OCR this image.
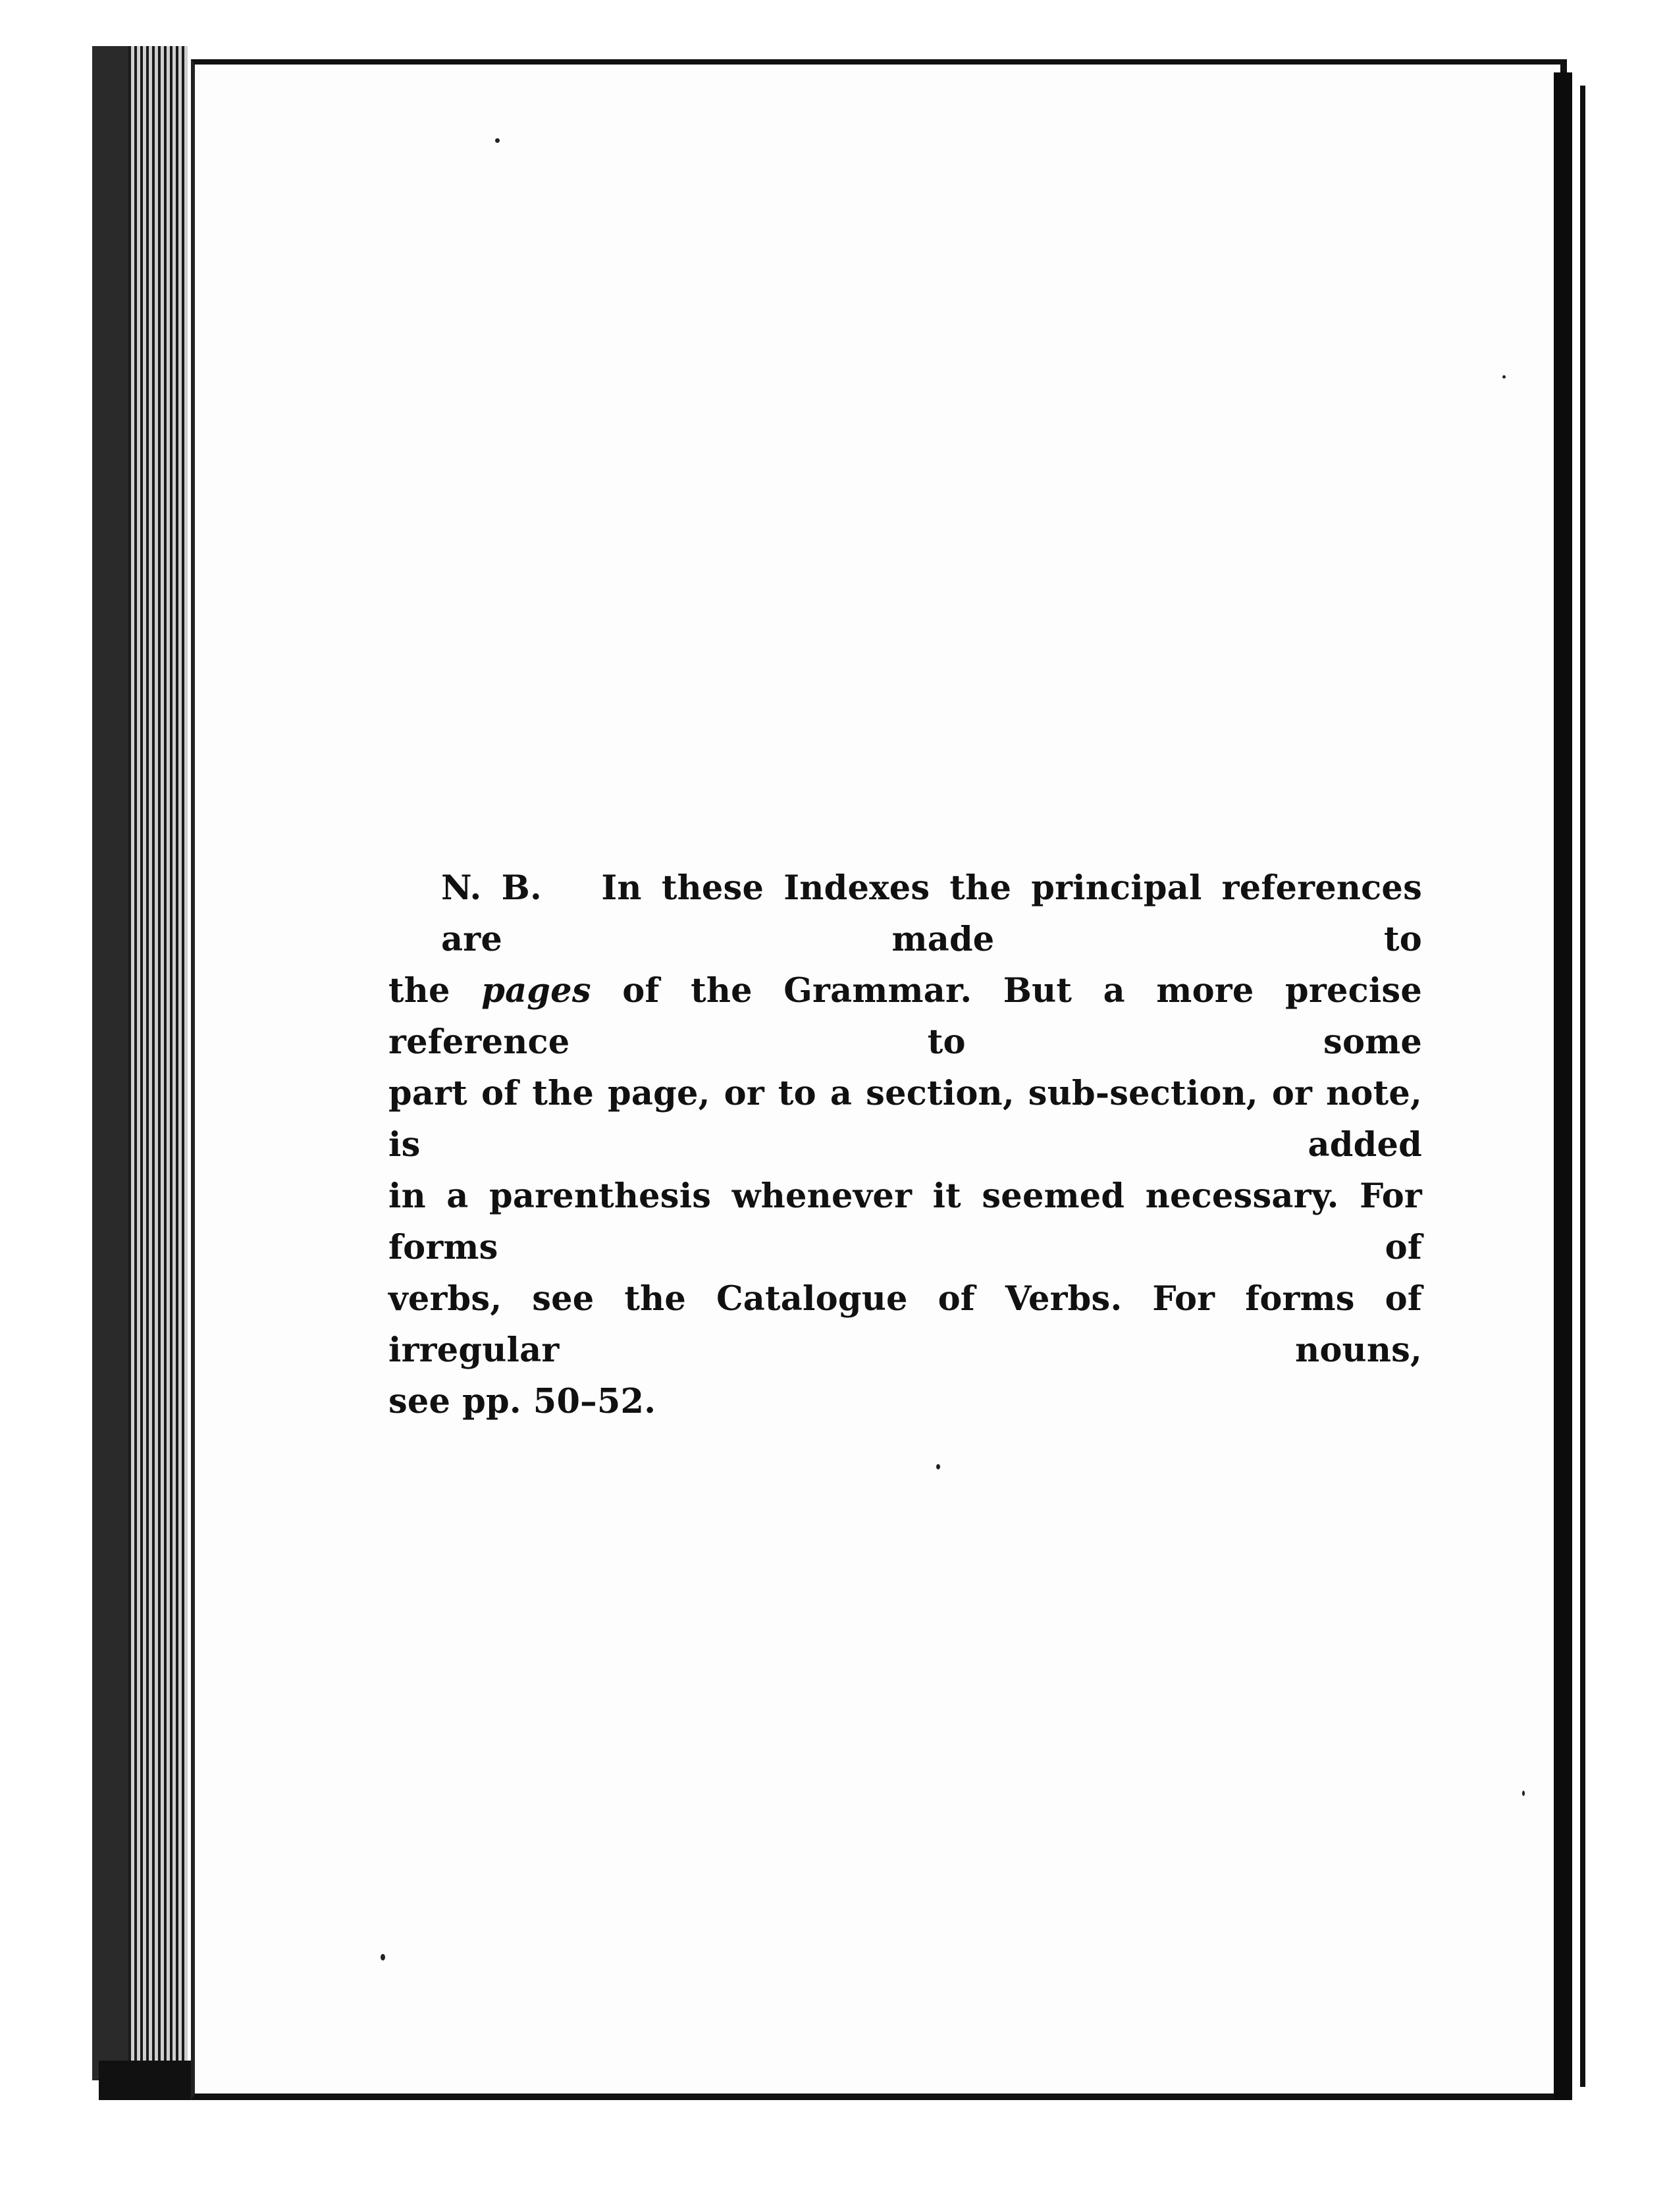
N. B. In these Indexes the principal references are made to
the pages of the Grammar. But a more precise reference to some
part of the page, or to a section, sub-section, or note, is added
in a parenthesis whenever it seemed necessary. For forms of
verbs, see the Catalogue of Verbs. For forms of irregular nouns,
see pp. 50–52.
